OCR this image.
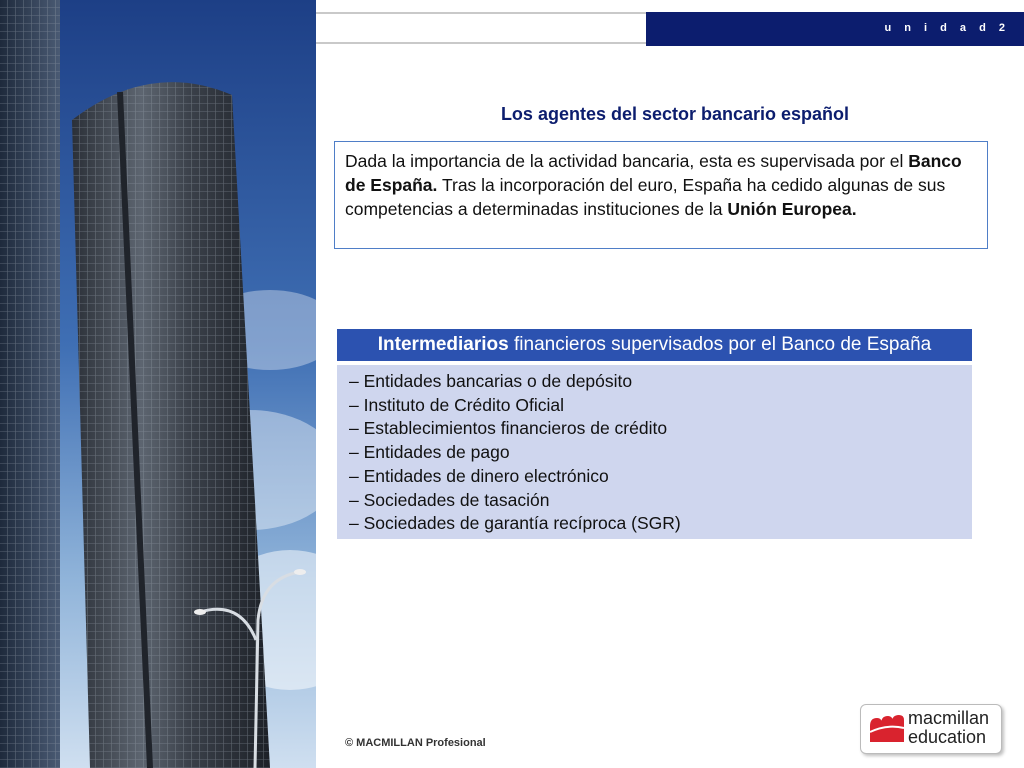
u n i d a d 2
Los agentes del sector bancario español
Dada la importancia de la actividad bancaria, esta es supervisada por el Banco de España. Tras la incorporación del euro, España ha cedido algunas de sus competencias a determinadas instituciones de la Unión Europea.
Intermediarios financieros supervisados por el Banco de España
– Entidades bancarias o de depósito
– Instituto de Crédito Oficial
– Establecimientos financieros de crédito
– Entidades de pago
– Entidades de dinero electrónico
– Sociedades de tasación
– Sociedades de garantía recíproca (SGR)
© MACMILLAN Profesional
macmillan
education
